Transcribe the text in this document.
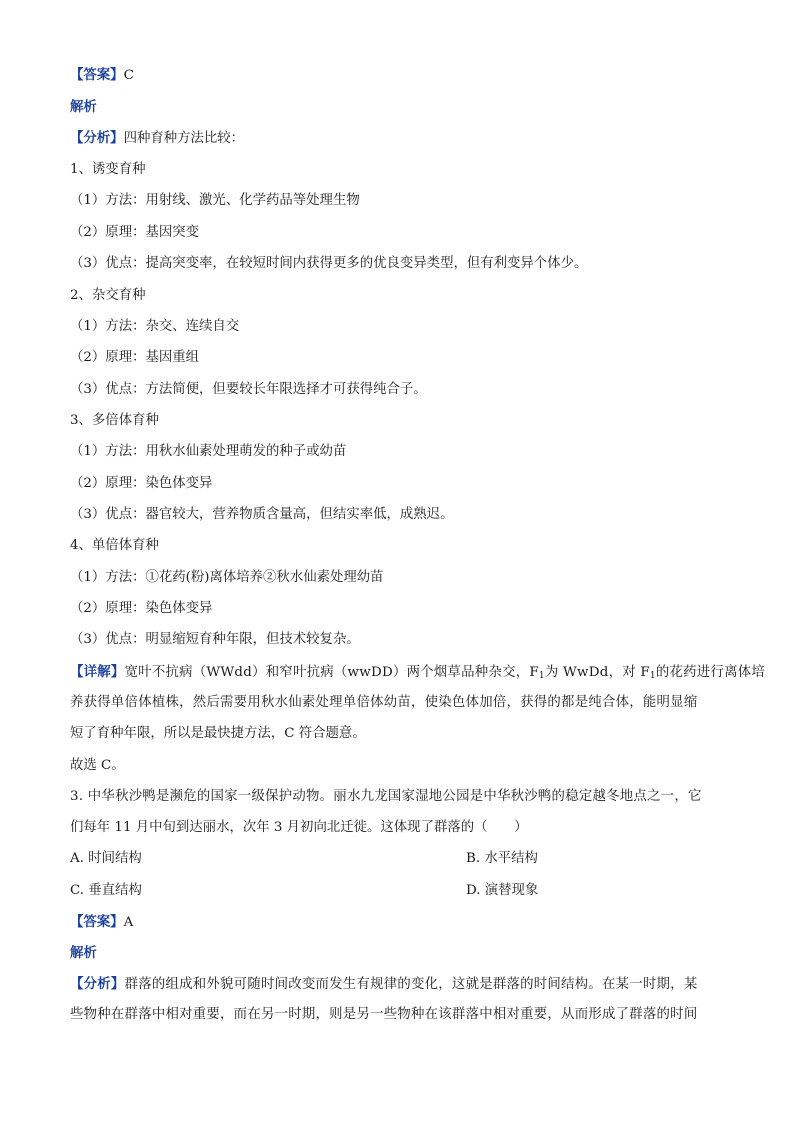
【答案】C
解析
【分析】四种育种方法比较：
1、诱变育种
（1）方法：用射线、激光、化学药品等处理生物
（2）原理：基因突变
（3）优点：提高突变率，在较短时间内获得更多的优良变异类型，但有利变异个体少。
2、杂交育种
（1）方法：杂交、连续自交
（2）原理：基因重组
（3）优点：方法简便，但要较长年限选择才可获得纯合子。
3、多倍体育种
（1）方法：用秋水仙素处理萌发的种子或幼苗
（2）原理：染色体变异
（3）优点：器官较大，营养物质含量高，但结实率低，成熟迟。
4、单倍体育种
（1）方法：①花药(粉)离体培养②秋水仙素处理幼苗
（2）原理：染色体变异
（3）优点：明显缩短育种年限，但技术较复杂。
【详解】宽叶不抗病（WWdd）和窄叶抗病（wwDD）两个烟草品种杂交，$F_1$为 WwDd，对 $F_1$的花药进行离体培
养获得单倍体植株，然后需要用秋水仙素处理单倍体幼苗，使染色体加倍，获得的都是纯合体，能明显缩
短了育种年限，所以是最快捷方法，C 符合题意。
故选 C。
3. 中华秋沙鸭是濒危的国家一级保护动物。丽水九龙国家湿地公园是中华秋沙鸭的稳定越冬地点之一，它
们每年 11 月中旬到达丽水，次年 3 月初向北迁徙。这体现了群落的（　　）
A. 时间结构	B. 水平结构
C. 垂直结构	D. 演替现象
【答案】A
解析
【分析】群落的组成和外貌可随时间改变而发生有规律的变化，这就是群落的时间结构。在某一时期，某
些物种在群落中相对重要，而在另一时期，则是另一些物种在该群落中相对重要，从而形成了群落的时间
